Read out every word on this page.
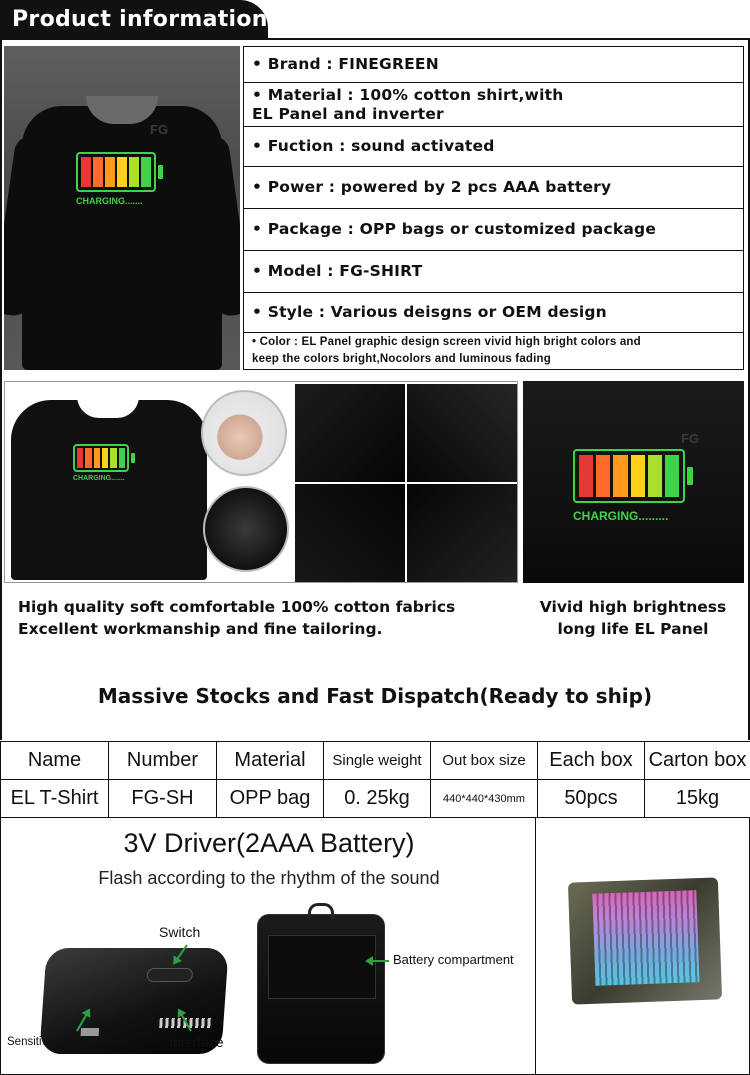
Product information
FG
CHARGING.......
• Brand : FINEGREEN
• Material : 100% cotton shirt,with
EL Panel and inverter
• Fuction : sound activated
• Power : powered by 2 pcs AAA battery
• Package : OPP bags or customized package
• Model : FG-SHIRT
• Style : Various deisgns or OEM design
• Color : EL Panel graphic design screen vivid high bright colors and
keep the colors bright,Nocolors and luminous fading
CHARGING.......
FG
CHARGING.........
High quality soft comfortable 100% cotton fabrics
Excellent workmanship and fine tailoring.
Vivid high brightness
long life EL Panel
Massive Stocks and Fast Dispatch(Ready to ship)
Name	Number	Material	Single weight	Out box size	Each box	Carton box
EL T-Shirt	FG-SH	OPP bag	0. 25kg	440*440*430mm	50pcs	15kg
3V Driver(2AAA Battery)
Flash according to the rhythm of the sound
Switch
Sensitivity regulation	Interface
Battery compartment
